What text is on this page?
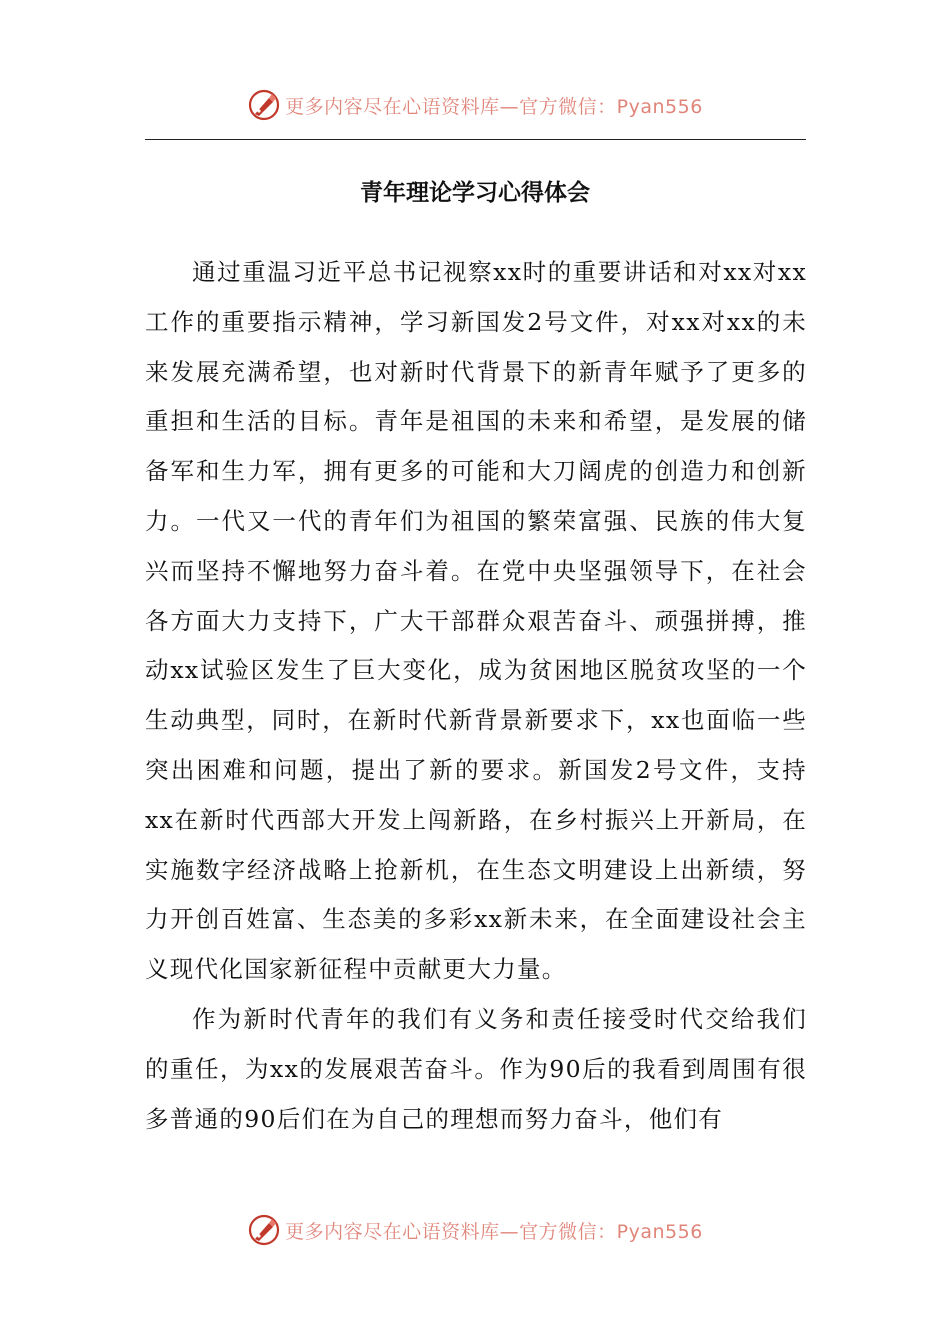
更多内容尽在心语资料库—官方微信：Pyan556
青年理论学习心得体会

通过重温习近平总书记视察xx时的重要讲话和对xx对xx工作的重要指示精神，学习新国发2号文件，对xx对xx的未来发展充满希望，也对新时代背景下的新青年赋予了更多的重担和生活的目标。青年是祖国的未来和希望，是发展的储备军和生力军，拥有更多的可能和大刀阔虎的创造力和创新力。一代又一代的青年们为祖国的繁荣富强、民族的伟大复兴而坚持不懈地努力奋斗着。在党中央坚强领导下，在社会各方面大力支持下，广大干部群众艰苦奋斗、顽强拼搏，推动xx试验区发生了巨大变化，成为贫困地区脱贫攻坚的一个生动典型，同时，在新时代新背景新要求下，xx也面临一些突出困难和问题，提出了新的要求。新国发2号文件，支持xx在新时代西部大开发上闯新路，在乡村振兴上开新局，在实施数字经济战略上抢新机，在生态文明建设上出新绩，努力开创百姓富、生态美的多彩xx新未来，在全面建设社会主义现代化国家新征程中贡献更大力量。

作为新时代青年的我们有义务和责任接受时代交给我们的重任，为xx的发展艰苦奋斗。作为90后的我看到周围有很多普通的90后们在为自己的理想而努力奋斗，他们有

更多内容尽在心语资料库—官方微信：Pyan556
